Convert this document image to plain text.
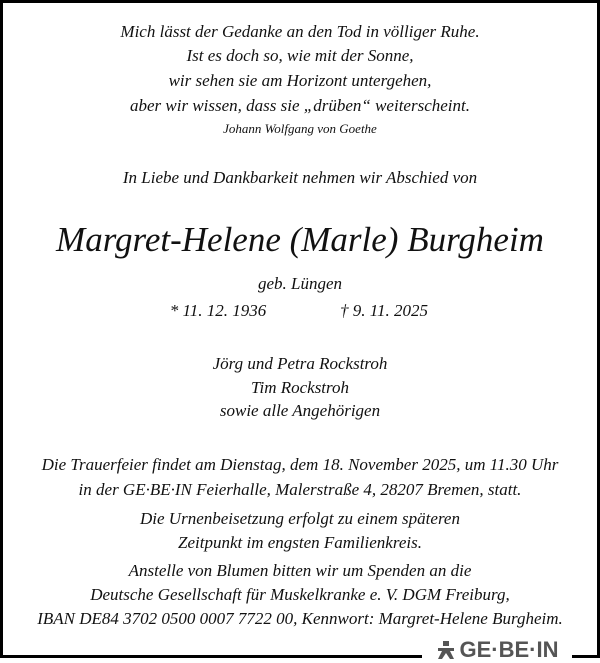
Mich lässt der Gedanke an den Tod in völliger Ruhe.
Ist es doch so, wie mit der Sonne,
wir sehen sie am Horizont untergehen,
aber wir wissen, dass sie „drüben“ weiterscheint.
Johann Wolfgang von Goethe
In Liebe und Dankbarkeit nehmen wir Abschied von
Margret-Helene (Marle) Burgheim
geb. Lüngen
* 11. 12. 1936	† 9. 11. 2025
Jörg und Petra Rockstroh
Tim Rockstroh
sowie alle Angehörigen
Die Trauerfeier findet am Dienstag, dem 18. November 2025, um 11.30 Uhr
in der GE·BE·IN Feierhalle, Malerstraße 4, 28207 Bremen, statt.
Die Urnenbeisetzung erfolgt zu einem späteren
Zeitpunkt im engsten Familienkreis.
Anstelle von Blumen bitten wir um Spenden an die
Deutsche Gesellschaft für Muskelkranke e. V. DGM Freiburg,
IBAN DE84 3702 0500 0007 7722 00, Kennwort: Margret-Helene Burgheim.
GE·BE·IN
